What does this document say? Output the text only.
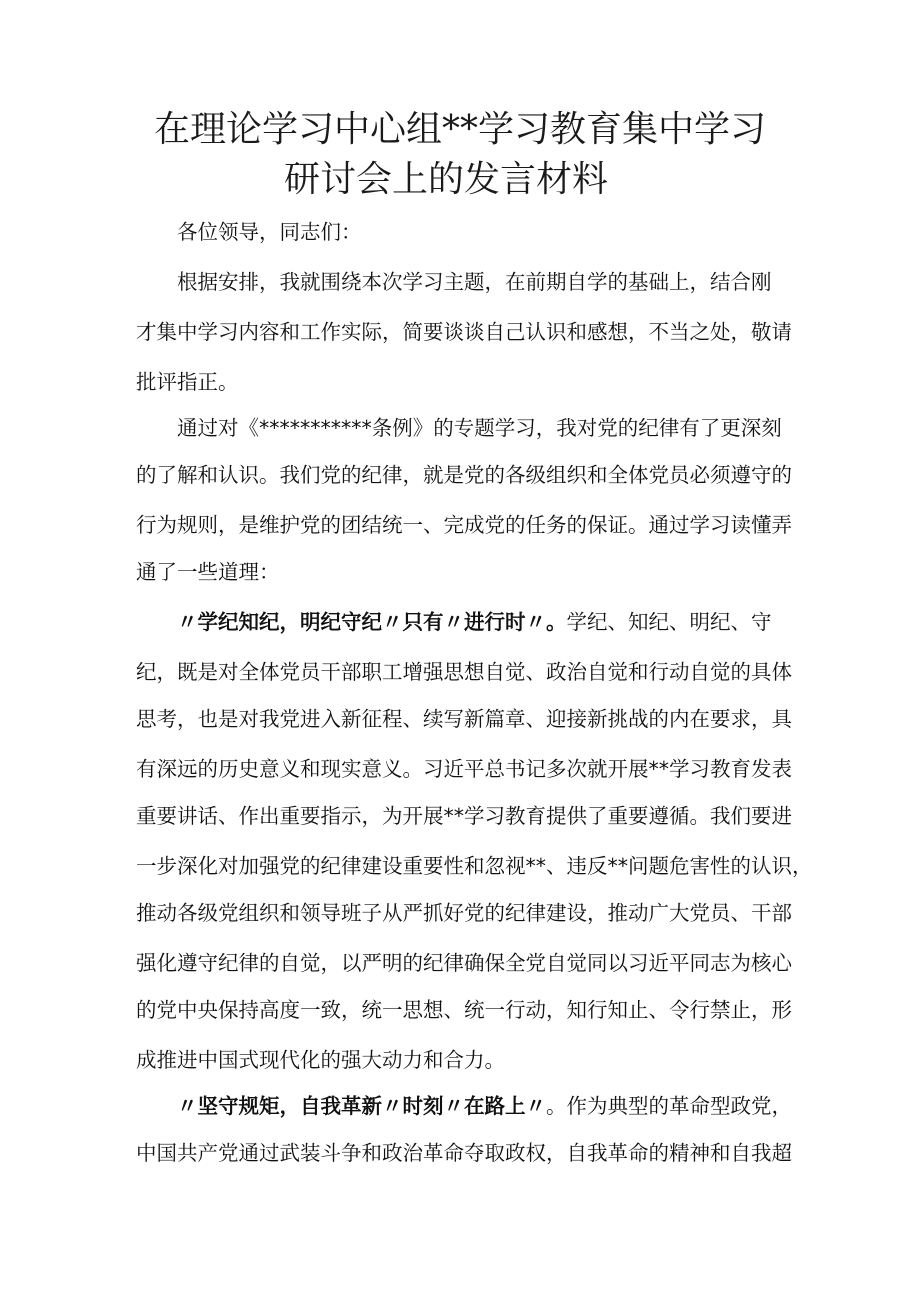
在理论学习中心组**学习教育集中学习
研讨会上的发言材料
各位领导，同志们：
根据安排，我就围绕本次学习主题，在前期自学的基础上，结合刚
才集中学习内容和工作实际，简要谈谈自己认识和感想，不当之处，敬请
批评指正。
通过对《***********条例》的专题学习，我对党的纪律有了更深刻
的了解和认识。我们党的纪律，就是党的各级组织和全体党员必须遵守的
行为规则，是维护党的团结统一、完成党的任务的保证。通过学习读懂弄
通了一些道理：
〃学纪知纪，明纪守纪〃只有〃进行时〃。学纪、知纪、明纪、守
纪，既是对全体党员干部职工增强思想自觉、政治自觉和行动自觉的具体
思考，也是对我党进入新征程、续写新篇章、迎接新挑战的内在要求，具
有深远的历史意义和现实意义。习近平总书记多次就开展**学习教育发表
重要讲话、作出重要指示，为开展**学习教育提供了重要遵循。我们要进
一步深化对加强党的纪律建设重要性和忽视**、违反**问题危害性的认识，
推动各级党组织和领导班子从严抓好党的纪律建设，推动广大党员、干部
强化遵守纪律的自觉，以严明的纪律确保全党自觉同以习近平同志为核心
的党中央保持高度一致，统一思想、统一行动，知行知止、令行禁止，形
成推进中国式现代化的强大动力和合力。
〃坚守规矩，自我革新〃时刻〃在路上〃。作为典型的革命型政党，
中国共产党通过武装斗争和政治革命夺取政权，自我革命的精神和自我超
